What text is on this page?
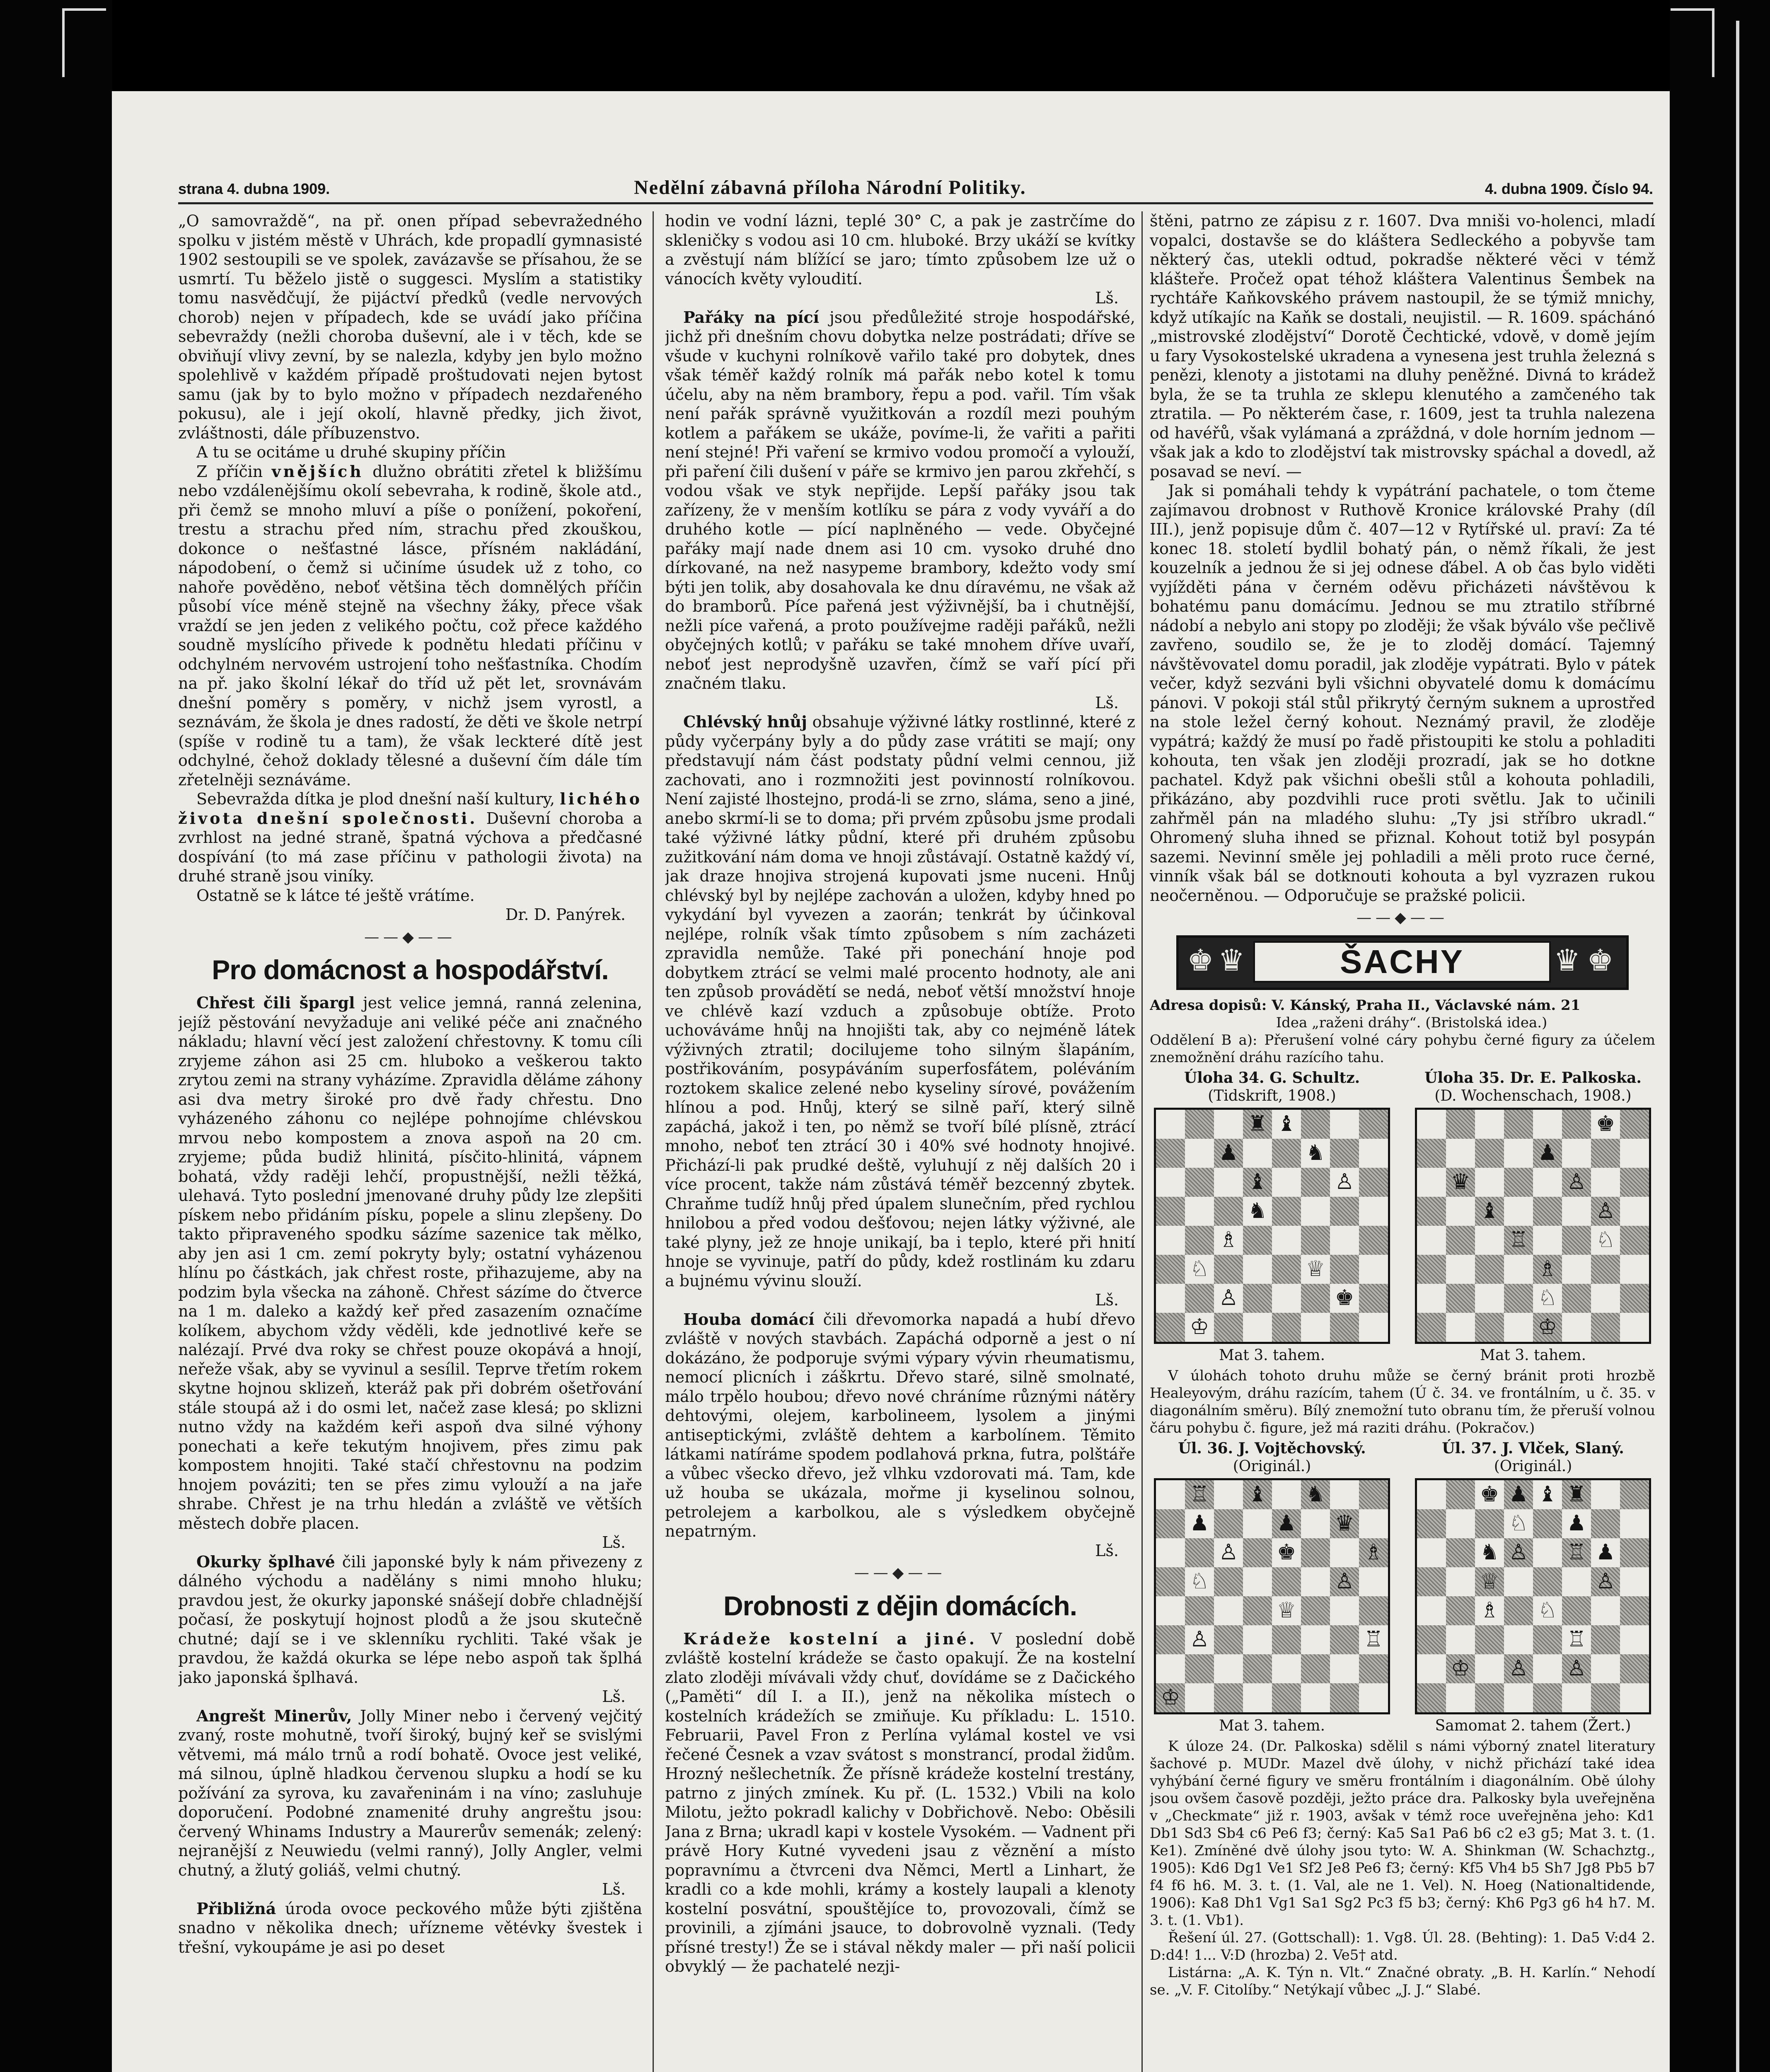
strana 4. dubna 1909.	Nedělní zábavná příloha Národní Politiky.	4. dubna 1909. Číslo 94.

„O samovraždě“, na př. onen případ sebevražedného spolku v jistém městě v Uhrách, kde propadlí gymnasisté 1902 sestoupili se ve spolek, zavázavše se přísahou, že se usmrtí. Tu běželo jistě o suggesci. Myslím a statistiky tomu nasvědčují, že pijáctví předků (vedle nervových chorob) nejen v případech, kde se uvádí jako příčina sebevraždy (nežli choroba duševní, ale i v těch, kde se obviňují vlivy zevní, by se nalezla, kdyby jen bylo možno spolehlivě v každém případě proštudovati nejen bytost samu (jak by to bylo možno v případech nezdařeného pokusu), ale i její okolí, hlavně předky, jich život, zvláštnosti, dále příbuzenstvo.

A tu se ocitáme u druhé skupiny příčin

Z příčin vnějších dlužno obrátiti zřetel k bližšímu nebo vzdálenějšímu okolí sebevraha, k rodině, škole atd., při čemž se mnoho mluví a píše o ponížení, pokoření, trestu a strachu před ním, strachu před zkouškou, dokonce o nešťastné lásce, přísném nakládání, nápodobení, o čemž si učiníme úsudek už z toho, co nahoře pověděno, neboť většina těch domnělých příčin působí více méně stejně na všechny žáky, přece však vraždí se jen jeden z velikého počtu, což přece každého soudně myslícího přivede k podnětu hledati příčinu v odchylném nervovém ustrojení toho nešťastníka. Chodím na př. jako školní lékař do tříd už pět let, srovnávám dnešní poměry s poměry, v nichž jsem vyrostl, a seznávám, že škola je dnes radostí, že děti ve škole netrpí (spíše v rodině tu a tam), že však leckteré dítě jest odchylné, čehož doklady tělesné a duševní čím dále tím zřetelněji seznáváme.

Sebevražda dítka je plod dnešní naší kultury, lichého života dnešní společnosti. Duševní choroba a zvrhlost na jedné straně, špatná výchova a předčasné dospívání (to má zase příčinu v pathologii života) na druhé straně jsou viníky.

Ostatně se k látce té ještě vrátíme.

Dr. D. Panýrek.

——◆——
Pro domácnost a hospodářství.

Chřest čili špargl jest velice jemná, ranná zelenina, jejíž pěstování nevyžaduje ani veliké péče ani značného nákladu; hlavní věcí jest založení chřestovny. K tomu cíli zryjeme záhon asi 25 cm. hluboko a veškerou takto zrytou zemi na strany vyházíme. Zpravidla děláme záhony asi dva metry široké pro dvě řady chřestu. Dno vyházeného záhonu co nejlépe pohnojíme chlévskou mrvou nebo kompostem a znova aspoň na 20 cm. zryjeme; půda budiž hlinitá, písčito-hlinitá, vápnem bohatá, vždy raději lehčí, propustnější, nežli těžká, ulehavá. Tyto poslední jmenované druhy půdy lze zlepšiti pískem nebo přidáním písku, popele a slinu zlepšeny. Do takto připraveného spodku sázíme sazenice tak mělko, aby jen asi 1 cm. zemí pokryty byly; ostatní vyházenou hlínu po částkách, jak chřest roste, přihazujeme, aby na podzim byla všecka na záhoně. Chřest sázíme do čtverce na 1 m. daleko a každý keř před zasazením označíme kolíkem, abychom vždy věděli, kde jednotlivé keře se nalézají. Prvé dva roky se chřest pouze okopává a hnojí, neřeže však, aby se vyvinul a sesílil. Teprve třetím rokem skytne hojnou sklizeň, kteráž pak při dobrém ošetřování stále stoupá až i do osmi let, načež zase klesá; po sklizni nutno vždy na každém keři aspoň dva silné výhony ponechati a keře tekutým hnojivem, přes zimu pak kompostem hnojiti. Také stačí chřestovnu na podzim hnojem pováziti; ten se přes zimu vylouží a na jaře shrabe. Chřest je na trhu hledán a zvláště ve větších městech dobře placen.

Lš.

Okurky šplhavé čili japonské byly k nám přivezeny z dálného východu a nadělány s nimi mnoho hluku; pravdou jest, že okurky japonské snášejí dobře chladnější počasí, že poskytují hojnost plodů a že jsou skutečně chutné; dají se i ve sklenníku rychliti. Také však je pravdou, že každá okurka se lépe nebo aspoň tak šplhá jako japonská šplhavá.

Lš.

Angrešt Minerův, Jolly Miner nebo i červený vejčitý zvaný, roste mohutně, tvoří široký, bujný keř se svislými větvemi, má málo trnů a rodí bohatě. Ovoce jest veliké, má silnou, úplně hladkou červenou slupku a hodí se ku požívání za syrova, ku zavařeninám i na víno; zasluhuje doporučení. Podobné znamenité druhy angreštu jsou: červený Whinams Industry a Maurerův semenák; zelený: nejranější z Neuwiedu (velmi ranný), Jolly Angler, velmi chutný, a žlutý goliáš, velmi chutný.

Lš.

Přibližná úroda ovoce peckového může býti zjištěna snadno v několika dnech; uřízneme větévky švestek i třešní, vykoupáme je asi po deset

hodin ve vodní lázni, teplé 30° C, a pak je zastrčíme do skleničky s vodou asi 10 cm. hluboké. Brzy ukáží se kvítky a zvěstují nám blížící se jaro; tímto způsobem lze už o vánocích květy vyloudití.

Lš.

Pařáky na pící jsou předůležité stroje hospodářské, jichž při dnešním chovu dobytka nelze postrádati; dříve se všude v kuchyni rolníkově vařilo také pro dobytek, dnes však téměř každý rolník má pařák nebo kotel k tomu účelu, aby na něm brambory, řepu a pod. vařil. Tím však není pařák správně využitkován a rozdíl mezi pouhým kotlem a pařákem se ukáže, povíme-li, že vařiti a pařiti není stejné! Při vaření se krmivo vodou promočí a vylouží, při paření čili dušení v páře se krmivo jen parou zkřehčí, s vodou však ve styk nepřijde. Lepší pařáky jsou tak zařízeny, že v menším kotlíku se pára z vody vyváří a do druhého kotle — pící naplněného — vede. Obyčejné pařáky mají nade dnem asi 10 cm. vysoko druhé dno dírkované, na než nasypeme brambory, kdežto vody smí býti jen tolik, aby dosahovala ke dnu díravému, ne však až do bramborů. Píce pařená jest výživnější, ba i chutnější, nežli píce vařená, a proto používejme raději pařáků, nežli obyčejných kotlů; v pařáku se také mnohem dříve uvaří, neboť jest neprodyšně uzavřen, čímž se vaří pící při značném tlaku.

Lš.

Chlévský hnůj obsahuje výživné látky rostlinné, které z půdy vyčerpány byly a do půdy zase vrátiti se mají; ony představují nám část podstaty půdní velmi cennou, již zachovati, ano i rozmnožiti jest povinností rolníkovou. Není zajisté lhostejno, prodá-li se zrno, sláma, seno a jiné, anebo skrmí-li se to doma; při prvém způsobu jsme prodali také výživné látky půdní, které při druhém způsobu zužitkování nám doma ve hnoji zůstávají. Ostatně každý ví, jak draze hnojiva strojená kupovati jsme nuceni. Hnůj chlévský byl by nejlépe zachován a uložen, kdyby hned po vykydání byl vyvezen a zaorán; tenkrát by účinkoval nejlépe, rolník však tímto způsobem s ním zacházeti zpravidla nemůže. Také při ponechání hnoje pod dobytkem ztrácí se velmi malé procento hodnoty, ale ani ten způsob provádětí se nedá, neboť větší množství hnoje ve chlévě kazí vzduch a způsobuje obtíže. Proto uchováváme hnůj na hnojišti tak, aby co nejméně látek výživných ztratil; docilujeme toho silným šlapáním, postřikováním, posypáváním superfosfátem, poléváním roztokem skalice zelené nebo kyseliny sírové, povážením hlínou a pod. Hnůj, který se silně paří, který silně zapáchá, jakož i ten, po němž se tvoří bílé plísně, ztrácí mnoho, neboť ten ztrácí 30 i 40% své hodnoty hnojivé. Přichází-li pak prudké deště, vyluhují z něj dalších 20 i více procent, takže nám zůstává téměř bezcenný zbytek. Chraňme tudíž hnůj před úpalem slunečním, před rychlou hnilobou a před vodou dešťovou; nejen látky výživné, ale také plyny, jež ze hnoje unikají, ba i teplo, které při hnití hnoje se vyvinuje, patří do půdy, kdež rostlinám ku zdaru a bujnému vývinu slouží.

Lš.

Houba domácí čili dřevomorka napadá a hubí dřevo zvláště v nových stavbách. Zapáchá odporně a jest o ní dokázáno, že podporuje svými výpary vývin rheumatismu, nemocí plicních i záškrtu. Dřevo staré, silně smolnaté, málo trpělo houbou; dřevo nové chráníme různými nátěry dehtovými, olejem, karbolineem, lysolem a jinými antiseptickými, zvláště dehtem a karbolínem. Těmito látkami natíráme spodem podlahová prkna, futra, polštáře a vůbec všecko dřevo, jež vlhku vzdorovati má. Tam, kde už houba se ukázala, mořme ji kyselinou solnou, petrolejem a karbolkou, ale s výsledkem obyčejně nepatrným.

Lš.

——◆——
Drobnosti z dějin domácích.

Krádeže kostelní a jiné. V poslední době zvláště kostelní krádeže se často opakují. Že na kostelní zlato zloději mívávali vždy chuť, dovídáme se z Dačického („Paměti“ díl I. a II.), jenž na několika místech o kostelních krádežích se zmiňuje. Ku příkladu: L. 1510. Februarii, Pavel Fron z Perlína vylámal kostel ve vsi řečené Česnek a vzav svátost s monstrancí, prodal židům. Hrozný nešlechetník. Že přísně krádeže kostelní trestány, patrno z jiných zmínek. Ku př. (L. 1532.) Vbili na kolo Milotu, ježto pokradl kalichy v Dobřichově. Nebo: Oběsili Jana z Brna; ukradl kapi v kostele Vysokém. — Vadnent při právě Hory Kutné vyvedeni jsau z věznění a místo popravnímu a čtvrceni dva Němci, Mertl a Linhart, že kradli co a kde mohli, krámy a kostely laupali a klenoty kostelní posvátní, spouštějíce to, provozovali, čímž se provinili, a zjímáni jsauce, to dobrovolně vyznali. (Tedy přísné tresty!) Že se i stával někdy maler — při naší policii obvyklý — že pachatelé nezji-

štěni, patrno ze zápisu z r. 1607. Dva mniši vo-holenci, mladí vopalci, dostavše se do kláštera Sedleckého a pobyvše tam některý čas, utekli odtud, pokradše některé věci v témž klášteře. Pročež opat téhož kláštera Valentinus Šembek na rychtáře Kaňkovského právem nastoupil, že se týmiž mnichy, když utíkajíc na Kaňk se dostali, neujistil. — R. 1609. spáchánó „mistrovské zlodějství“ Dorotě Čechtické, vdově, v domě jejím u fary Vysokostelské ukradena a vynesena jest truhla železná s penězi, klenoty a jistotami na dluhy peněžné. Divná to krádež byla, že se ta truhla ze sklepu klenutého a zamčeného tak ztratila. — Po některém čase, r. 1609, jest ta truhla nalezena od havéřů, však vylámaná a zpráždná, v dole horním jednom — však jak a kdo to zlodějství tak mistrovsky spáchal a dovedl, až posavad se neví. —

Jak si pomáhali tehdy k vypátrání pachatele, o tom čteme zajímavou drobnost v Ruthově Kronice královské Prahy (díl III.), jenž popisuje dům č. 407—12 v Rytířské ul. praví: Za té konec 18. století bydlil bohatý pán, o němž říkali, že jest kouzelník a jednou že si jej odnese ďábel. A ob čas bylo viděti vyjížděti pána v černém oděvu přicházeti návštěvou k bohatému panu domácímu. Jednou se mu ztratilo stříbrné nádobí a nebylo ani stopy po zloději; že však býválo vše pečlivě zavřeno, soudilo se, že je to zloděj domácí. Tajemný návštěvovatel domu poradil, jak zloděje vypátrati. Bylo v pátek večer, když sezváni byli všichni obyvatelé domu k domácímu pánovi. V pokoji stál stůl přikrytý černým suknem a uprostřed na stole ležel černý kohout. Neznámý pravil, že zloděje vypátrá; každý že musí po řadě přistoupiti ke stolu a pohladiti kohouta, ten však jen zloději prozradí, jak se ho dotkne pachatel. Když pak všichni obešli stůl a kohouta pohladili, přikázáno, aby pozdvihli ruce proti světlu. Jak to učinili zahřměl pán na mladého sluhu: „Ty jsi stříbro ukradl.“ Ohromený sluha ihned se přiznal. Kohout totiž byl posypán sazemi. Nevinní směle jej pohladili a měli proto ruce černé, vinník však bál se dotknouti kohouta a byl vyzrazen rukou neočerněnou. — Odporučuje se pražské policii.

——◆——
♚ ♛	ŠACHY	♛ ♚

Adresa dopisů: V. Kánský, Praha II., Václavské nám. 21

Idea „raženi dráhy“. (Bristolská idea.)

Oddělení B a): Přerušení volné cáry pohybu černé figury za účelem znemožnění dráhu razícího tahu.

Úloha 34. G. Schultz.
(Tidskrift, 1908.)
♜ ♝
♟	♞
♝	♙
♞
♗
♘	♕
♙	♚
♔
Mat 3. tahem.
Úloha 35. Dr. E. Palkoska.
(D. Wochenschach, 1908.)
♚
♟
♛	♙
♝	♙
♖	♘
♗
♘
♔
Mat 3. tahem.

V úlohách tohoto druhu může se černý bránit proti hrozbě Healeyovým, dráhu razícím, tahem (Ú č. 34. ve frontálním, u č. 35. v diagonálním směru). Bílý znemožní tuto obranu tím, že přeruší volnou čáru pohybu č. figure, jež má raziti dráhu. (Pokračov.)

Úl. 36. J. Vojtěchovský.
(Originál.)
♖ ♝ ♞
♟	♟ ♛
♙ ♚	♗
♘	♙
♕
♙	♖
♔
Mat 3. tahem.
Úl. 37. J. Vlček, Slaný.
(Originál.)
♚ ♟ ♝ ♜
♘ ♟
♞ ♙ ♖ ♟
♕	♙
♗ ♘
♖
♔ ♙ ♙
Samomat 2. tahem (Žert.)

K úloze 24. (Dr. Palkoska) sdělil s námi výborný znatel literatury šachové p. MUDr. Mazel dvě úlohy, v nichž přichází také idea vyhýbání černé figury ve směru frontálním i diagonálním. Obě úlohy jsou ovšem časově později, ježto práce dra. Palkosky byla uveřejněna v „Checkmate“ již r. 1903, avšak v témž roce uveřejněna jeho: Kd1 Db1 Sd3 Sb4 c6 Pe6 f3; černý: Ka5 Sa1 Pa6 b6 c2 e3 g5; Mat 3. t. (1. Ke1). Zmíněné dvě úlohy jsou tyto: W. A. Shinkman (W. Schachztg., 1905): Kd6 Dg1 Ve1 Sf2 Je8 Pe6 f3; černý: Kf5 Vh4 b5 Sh7 Jg8 Pb5 b7 f4 f6 h6. M. 3. t. (1. Val, ale ne 1. Vel). N. Hoeg (Nationaltidende, 1906): Ka8 Dh1 Vg1 Sa1 Sg2 Pc3 f5 b3; černý: Kh6 Pg3 g6 h4 h7. M. 3. t. (1. Vb1).

Řešení úl. 27. (Gottschall): 1. Vg8. Úl. 28. (Behting): 1. Da5 V:d4 2. D:d4! 1... V:D (hrozba) 2. Ve5† atd.

Listárna: „A. K. Týn n. Vlt.“ Značné obraty. „B. H. Karlín.“ Nehodí se. „V. F. Citolíby.“ Netýkají vůbec „J. J.“ Slabé.
